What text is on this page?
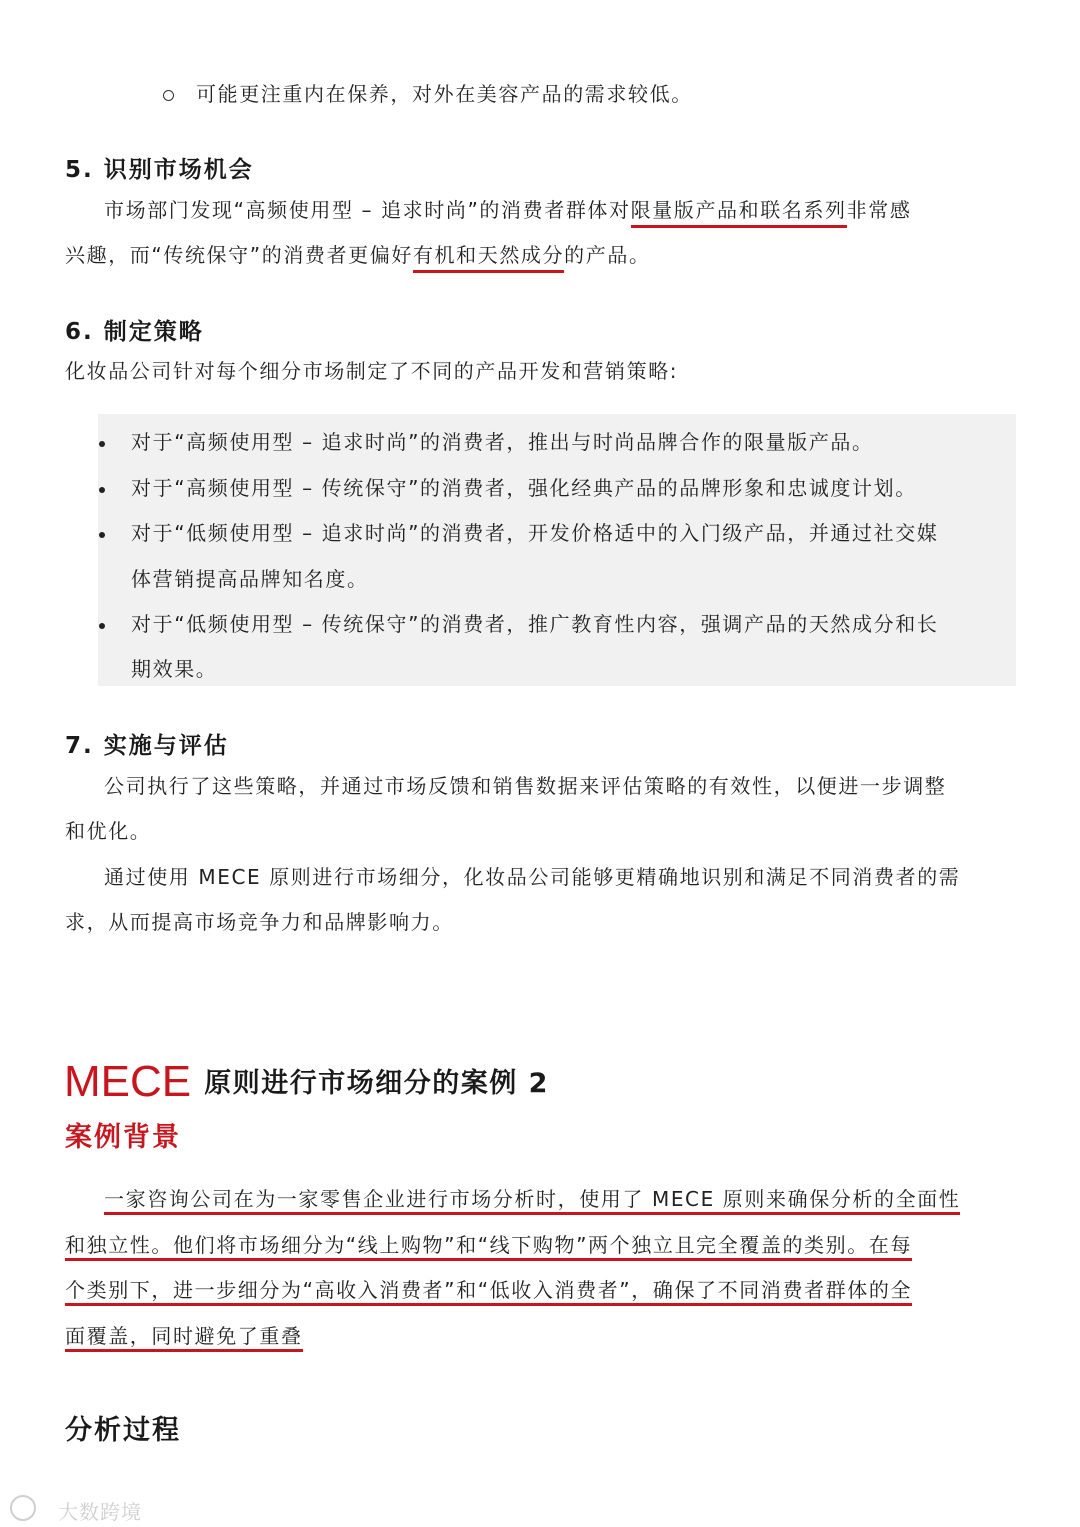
可能更注重内在保养，对外在美容产品的需求较低。
5. 识别市场机会
市场部门发现“高频使用型 – 追求时尚”的消费者群体对限量版产品和联名系列非常感
兴趣，而“传统保守”的消费者更偏好有机和天然成分的产品。
6. 制定策略
化妆品公司针对每个细分市场制定了不同的产品开发和营销策略:
对于“高频使用型 – 追求时尚”的消费者，推出与时尚品牌合作的限量版产品。
对于“高频使用型 – 传统保守”的消费者，强化经典产品的品牌形象和忠诚度计划。
对于“低频使用型 – 追求时尚”的消费者，开发价格适中的入门级产品，并通过社交媒
体营销提高品牌知名度。
对于“低频使用型 – 传统保守”的消费者，推广教育性内容，强调产品的天然成分和长
期效果。
7. 实施与评估
公司执行了这些策略，并通过市场反馈和销售数据来评估策略的有效性，以便进一步调整
和优化。
通过使用 MECE 原则进行市场细分，化妆品公司能够更精确地识别和满足不同消费者的需
求，从而提高市场竞争力和品牌影响力。
MECE 原则进行市场细分的案例 2
案例背景
一家咨询公司在为一家零售企业进行市场分析时，使用了 MECE 原则来确保分析的全面性
和独立性。他们将市场细分为“线上购物”和“线下购物”两个独立且完全覆盖的类别。在每
个类别下，进一步细分为“高收入消费者”和“低收入消费者”，确保了不同消费者群体的全
面覆盖，同时避免了重叠
分析过程
大数跨境
